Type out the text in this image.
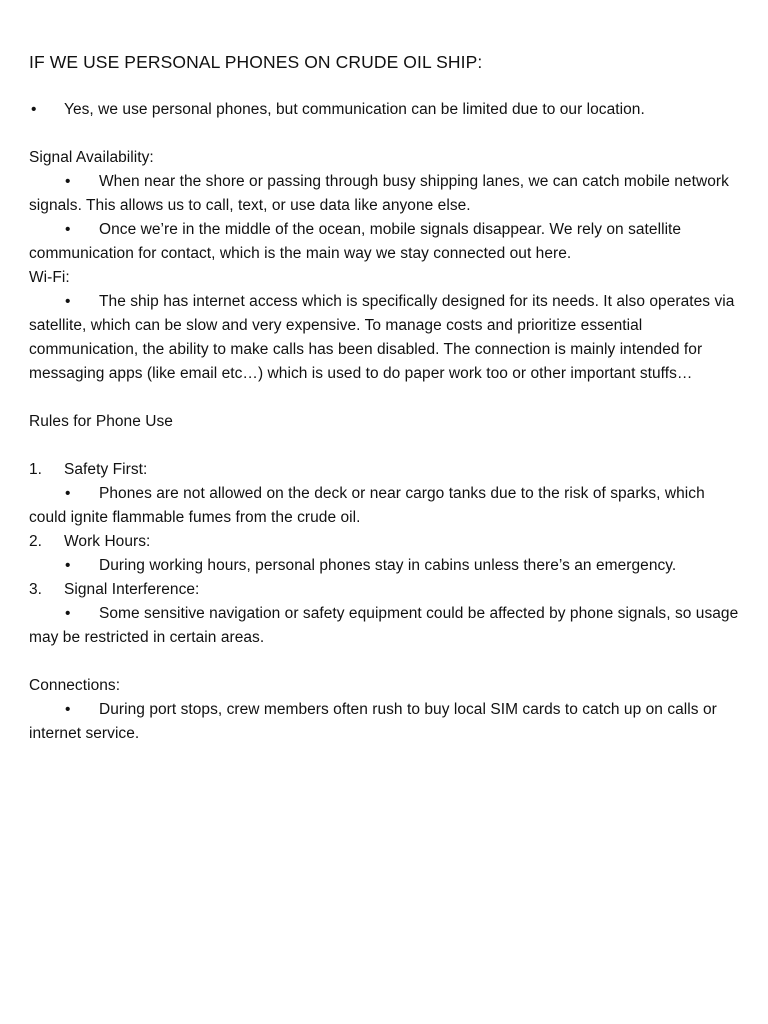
IF WE USE PERSONAL PHONES ON CRUDE OIL SHIP:
•	Yes, we use personal phones, but communication can be limited due to our location.

Signal Availability:

• When near the shore or passing through busy shipping lanes, we can catch mobile network signals. This allows us to call, text, or use data like anyone else.

• Once we’re in the middle of the ocean, mobile signals disappear. We rely on satellite communication for contact, which is the main way we stay connected out here.

Wi-Fi:

• The ship has internet access which is specifically designed for its needs. It also operates via satellite, which can be slow and very expensive. To manage costs and prioritize essential communication, the ability to make calls has been disabled. The connection is mainly intended for messaging apps (like email etc…) which is used to do paper work too or other important stuffs…

Rules for Phone Use

1.	Safety First:

• Phones are not allowed on the deck or near cargo tanks due to the risk of sparks, which could ignite flammable fumes from the crude oil.

2.	Work Hours:

• During working hours, personal phones stay in cabins unless there’s an emergency.

3.	Signal Interference:

• Some sensitive navigation or safety equipment could be affected by phone signals, so usage may be restricted in certain areas.

Connections:

• During port stops, crew members often rush to buy local SIM cards to catch up on calls or internet service.
